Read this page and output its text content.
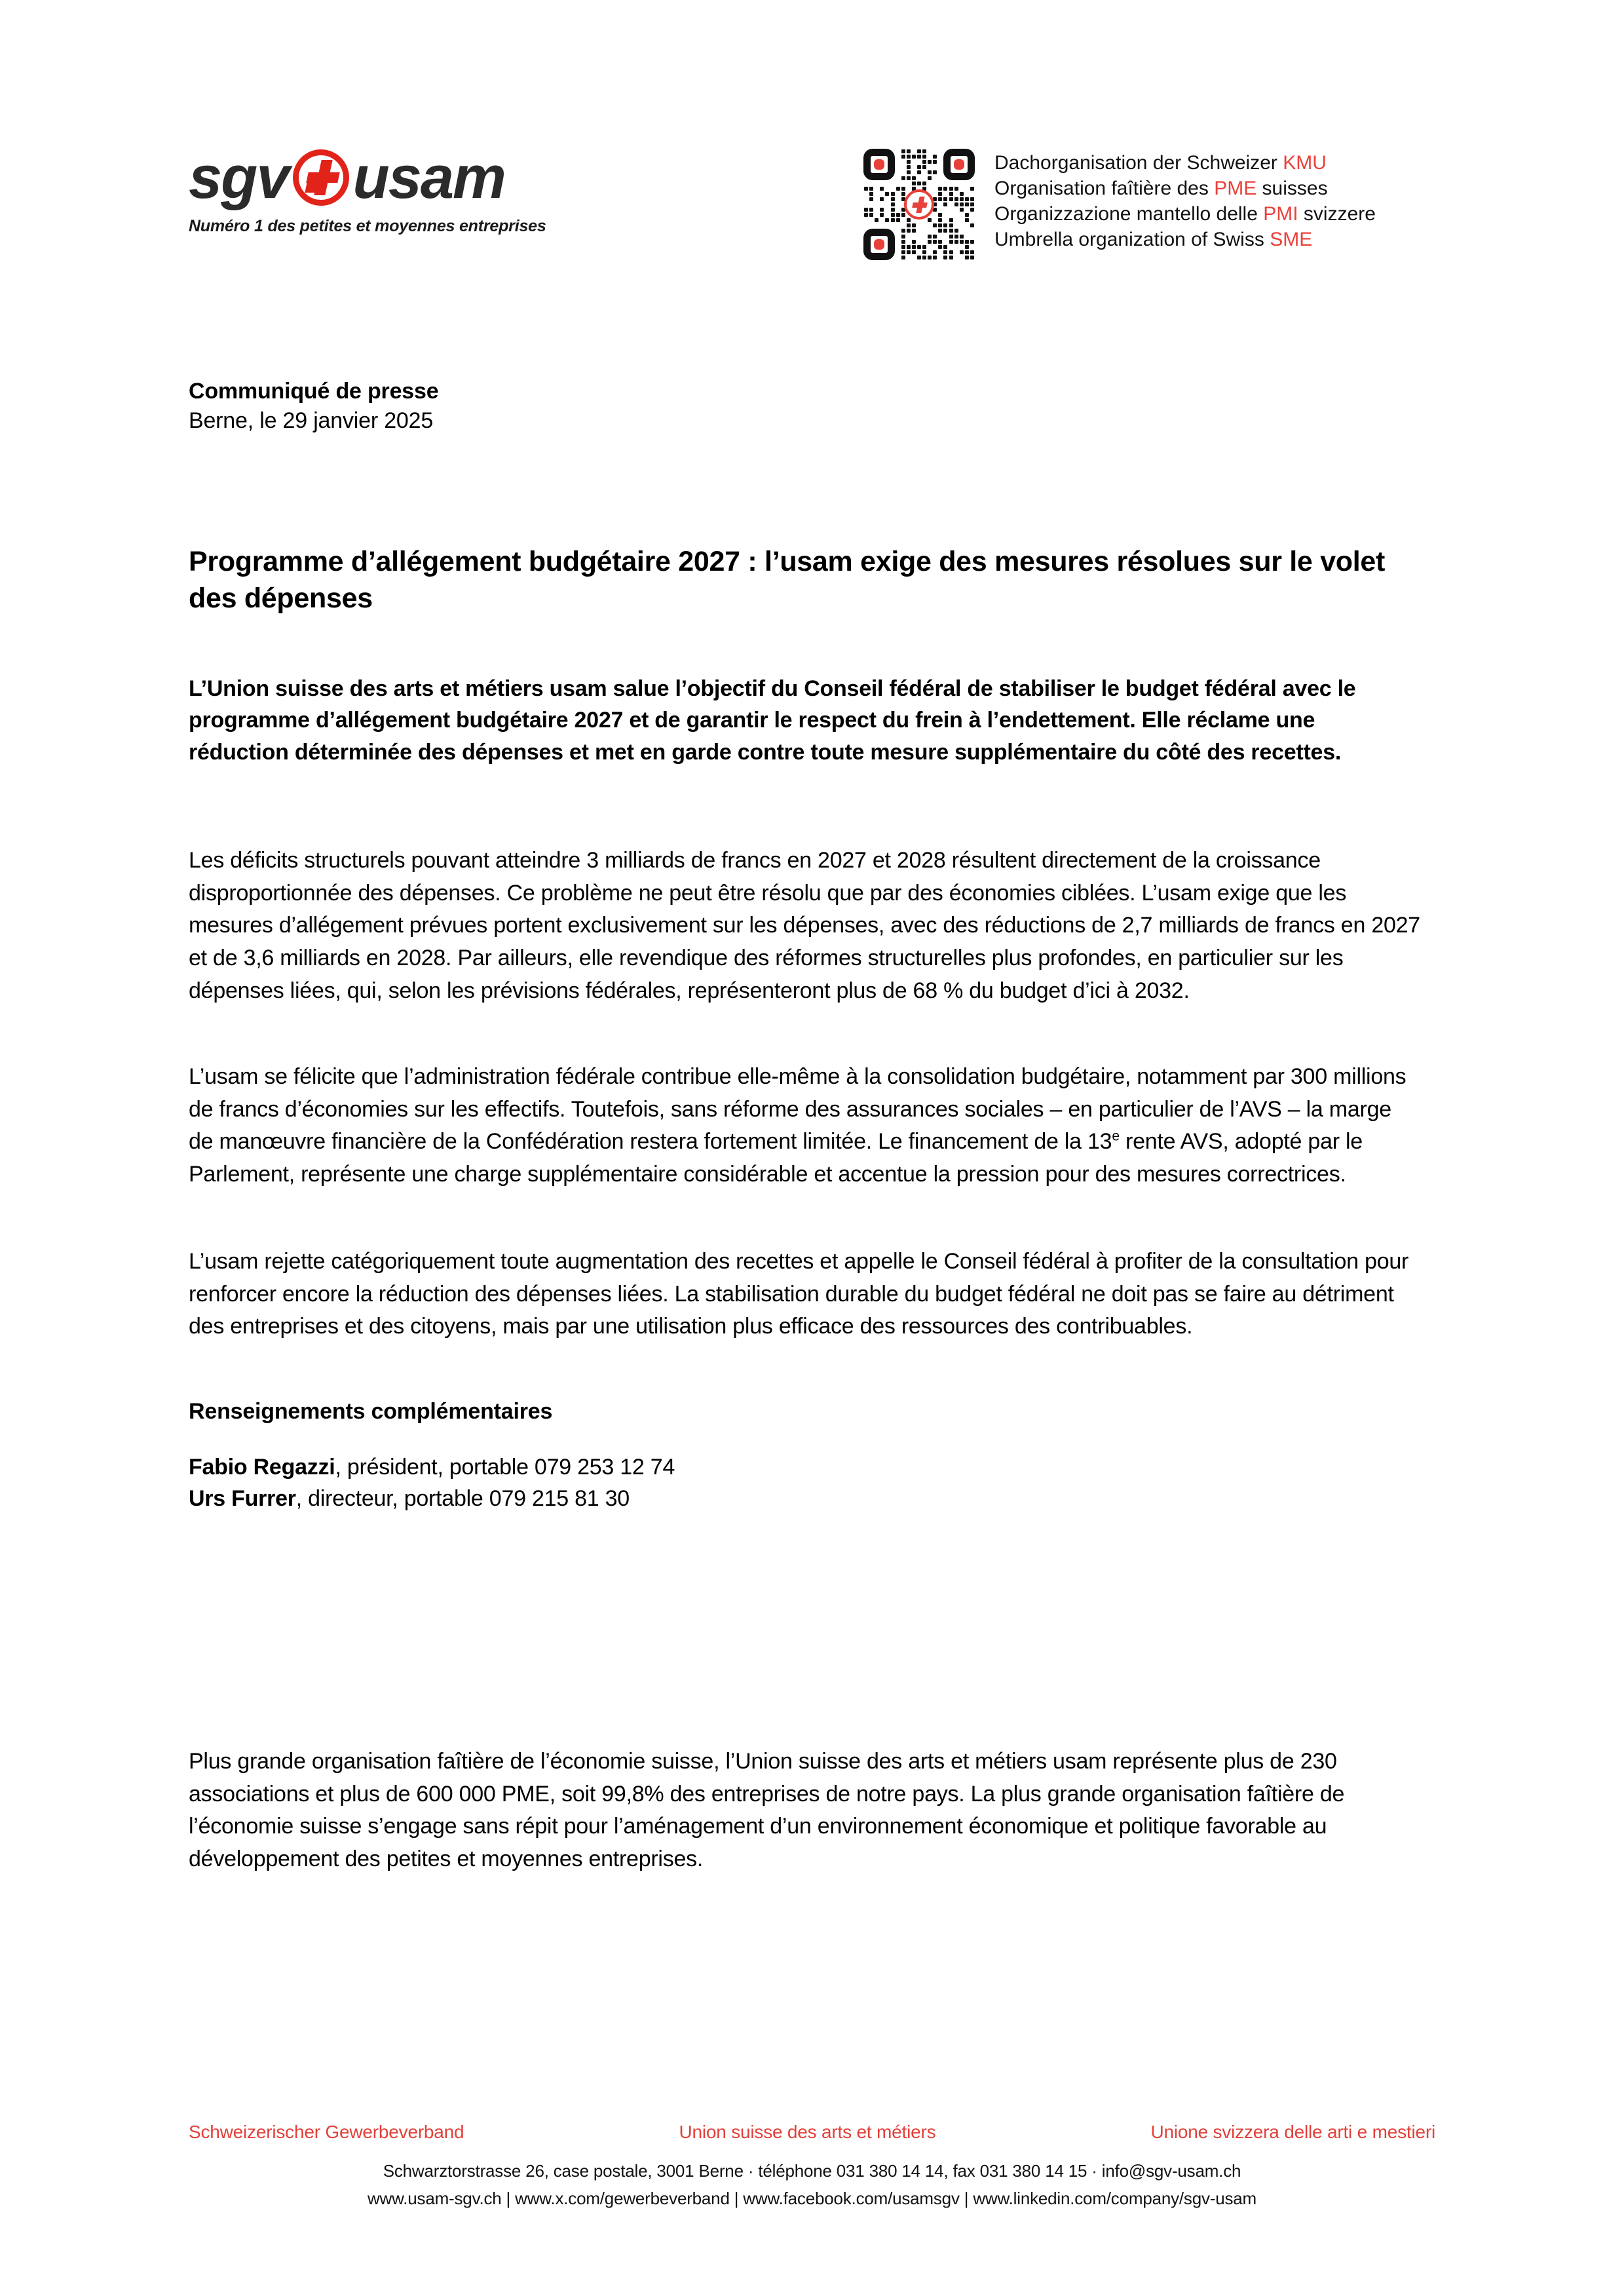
sgv usam
Numéro 1 des petites et moyennes entreprises
Dachorganisation der Schweizer KMU
Organisation faîtière des PME suisses
Organizzazione mantello delle PMI svizzere
Umbrella organization of Swiss SME
Communiqué de presse
Berne, le 29 janvier 2025
Programme d’allégement budgétaire 2027 : l’usam exige des mesures résolues sur le volet des dépenses

L’Union suisse des arts et métiers usam salue l’objectif du Conseil fédéral de stabiliser le budget fédéral avec le programme d’allégement budgétaire 2027 et de garantir le respect du frein à l’endettement. Elle réclame une réduction déterminée des dépenses et met en garde contre toute mesure supplémentaire du côté des recettes.

Les déficits structurels pouvant atteindre 3 milliards de francs en 2027 et 2028 résultent directement de la croissance disproportionnée des dépenses. Ce problème ne peut être résolu que par des économies ciblées. L’usam exige que les mesures d’allégement prévues portent exclusivement sur les dépenses, avec des réductions de 2,7 milliards de francs en 2027 et de 3,6 milliards en 2028. Par ailleurs, elle revendique des réformes structurelles plus profondes, en particulier sur les dépenses liées, qui, selon les prévisions fédérales, représenteront plus de 68 % du budget d’ici à 2032.

L’usam se félicite que l’administration fédérale contribue elle-même à la consolidation budgétaire, notamment par 300 millions de francs d’économies sur les effectifs. Toutefois, sans réforme des assurances sociales – en particulier de l’AVS – la marge de manœuvre financière de la Confédération restera fortement limitée. Le financement de la 13e rente AVS, adopté par le Parlement, représente une charge supplémentaire considérable et accentue la pression pour des mesures correctrices.

L’usam rejette catégoriquement toute augmentation des recettes et appelle le Conseil fédéral à profiter de la consultation pour renforcer encore la réduction des dépenses liées. La stabilisation durable du budget fédéral ne doit pas se faire au détriment des entreprises et des citoyens, mais par une utilisation plus efficace des ressources des contribuables.

Renseignements complémentaires
Fabio Regazzi, président, portable 079 253 12 74
Urs Furrer, directeur, portable 079 215 81 30

Plus grande organisation faîtière de l’économie suisse, l’Union suisse des arts et métiers usam représente plus de 230 associations et plus de 600 000 PME, soit 99,8% des entreprises de notre pays. La plus grande organisation faîtière de l’économie suisse s’engage sans répit pour l’aménagement d’un environnement économique et politique favorable au développement des petites et moyennes entreprises.

Schweizerischer Gewerbeverband	Union suisse des arts et métiers	Unione svizzera delle arti e mestieri
Schwarztorstrasse 26, case postale, 3001 Berne · téléphone 031 380 14 14, fax 031 380 14 15 · info@sgv-usam.ch
www.usam-sgv.ch | www.x.com/gewerbeverband | www.facebook.com/usamsgv | www.linkedin.com/company/sgv-usam
